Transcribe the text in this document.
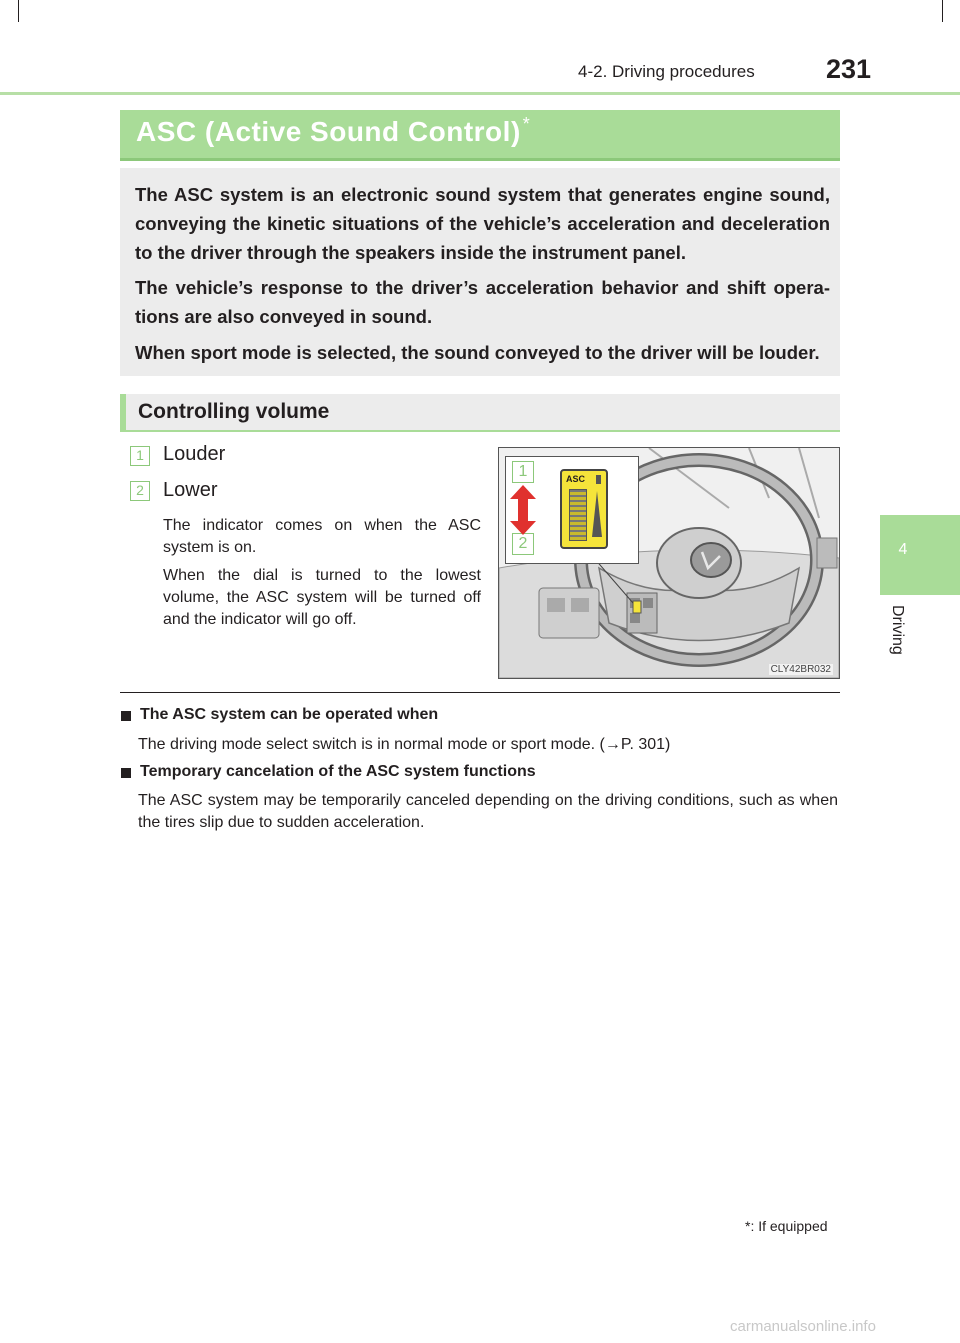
4-2. Driving procedures	231
ASC (Active Sound Control) *
The ASC system is an electronic sound system that generates engine sound, conveying the kinetic situations of the vehicle’s acceleration and deceleration to the driver through the speakers inside the instrument panel.
The vehicle’s response to the driver’s acceleration behavior and shift opera-tions are also conveyed in sound.
When sport mode is selected, the sound conveyed to the driver will be louder.
Controlling volume
1 Louder
2 Lower
The indicator comes on when the ASC system is on.
When the dial is turned to the lowest volume, the ASC system will be turned off and the indicator will go off.
1
2
ASC
CLY42BR032
The ASC system can be operated when
The driving mode select switch is in normal mode or sport mode. (→P. 301)
Temporary cancelation of the ASC system functions
The ASC system may be temporarily canceled depending on the driving conditions, such as when the tires slip due to sudden acceleration.
4
Driving
*: If equipped
carmanualsonline.info
